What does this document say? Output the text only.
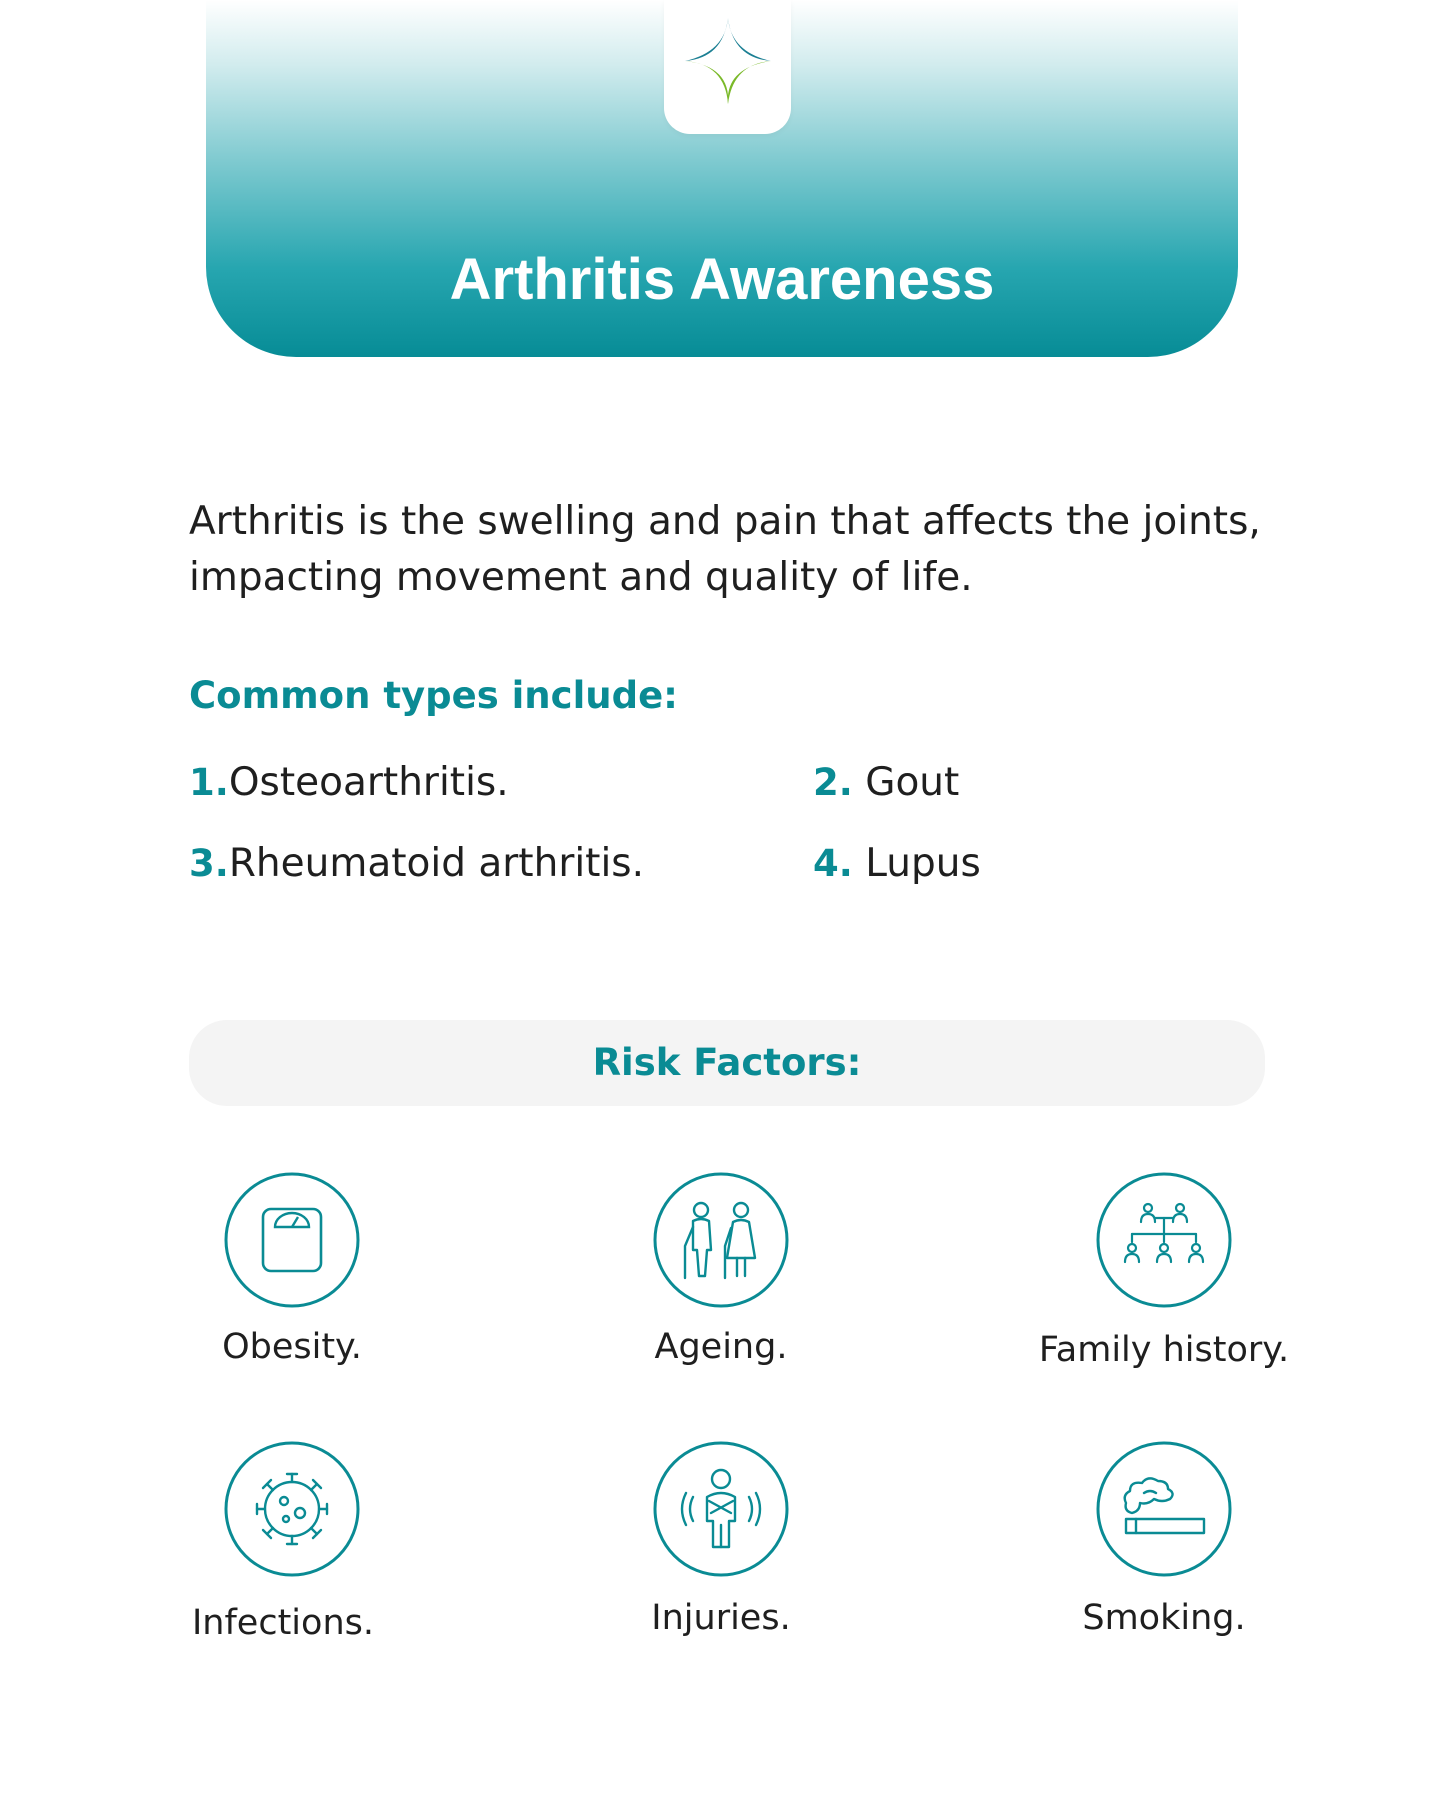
Arthritis Awareness
Arthritis is the swelling and pain that affects the joints, impacting movement and quality of life.
Common types include:
1.Osteoarthritis.	2. Gout
3.Rheumatoid arthritis.	4. Lupus
Risk Factors:
Obesity.	Ageing.	Family history.
Infections.	Injuries.	Smoking.
